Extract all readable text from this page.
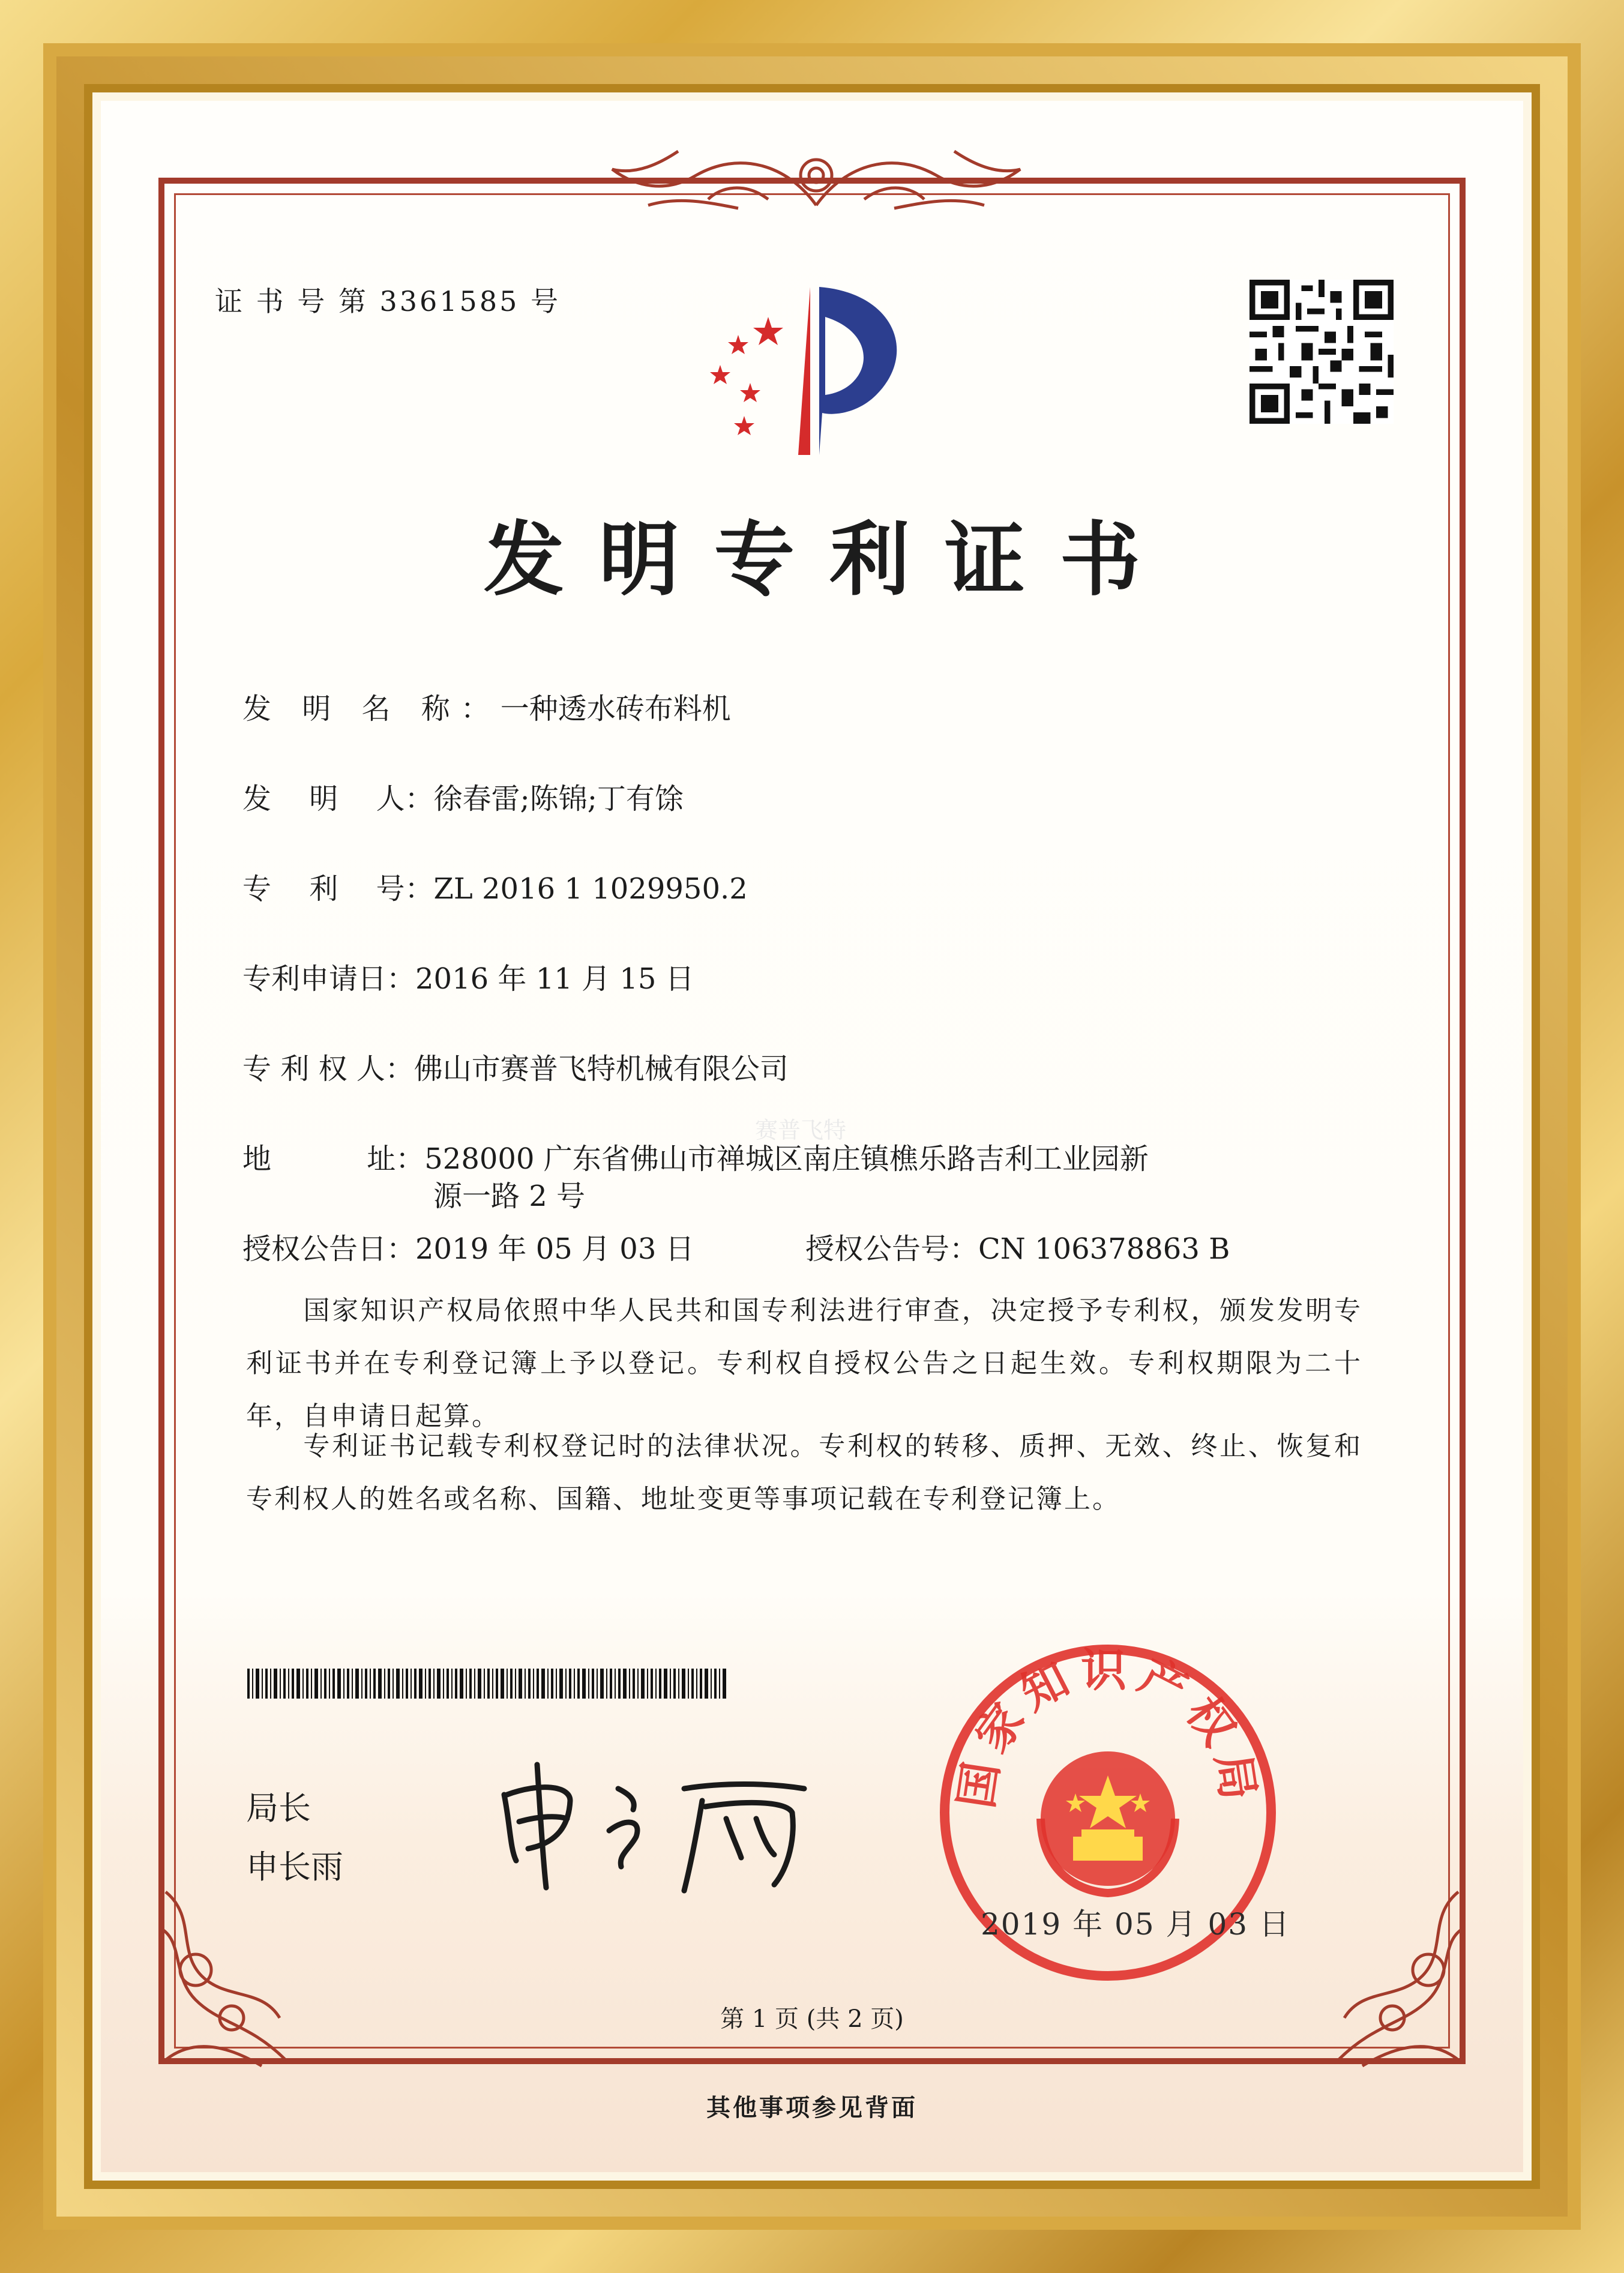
证 书 号 第 3361585 号
发明专利证书
发 明 名 称：一种透水砖布料机
发　 明　 人：徐春雷;陈锦;丁有馀
专　 利　 号：ZL 2016 1 1029950.2
专利申请日：2016 年 11 月 15 日
专 利 权 人：佛山市赛普飞特机械有限公司
地　　　 址：528000 广东省佛山市禅城区南庄镇樵乐路吉利工业园新
源一路 2 号
授权公告日：2019 年 05 月 03 日	授权公告号：CN 106378863 B
赛普飞特
　　国家知识产权局依照中华人民共和国专利法进行审查，决定授予专利权，颁发发明专利证书并在专利登记簿上予以登记。专利权自授权公告之日起生效。专利权期限为二十年，自申请日起算。
　　专利证书记载专利权登记时的法律状况。专利权的转移、质押、无效、终止、恢复和专利权人的姓名或名称、国籍、地址变更等事项记载在专利登记簿上。
局长
申长雨
国家知识产权局
2019 年 05 月 03 日
第 1 页 (共 2 页)
其他事项参见背面
